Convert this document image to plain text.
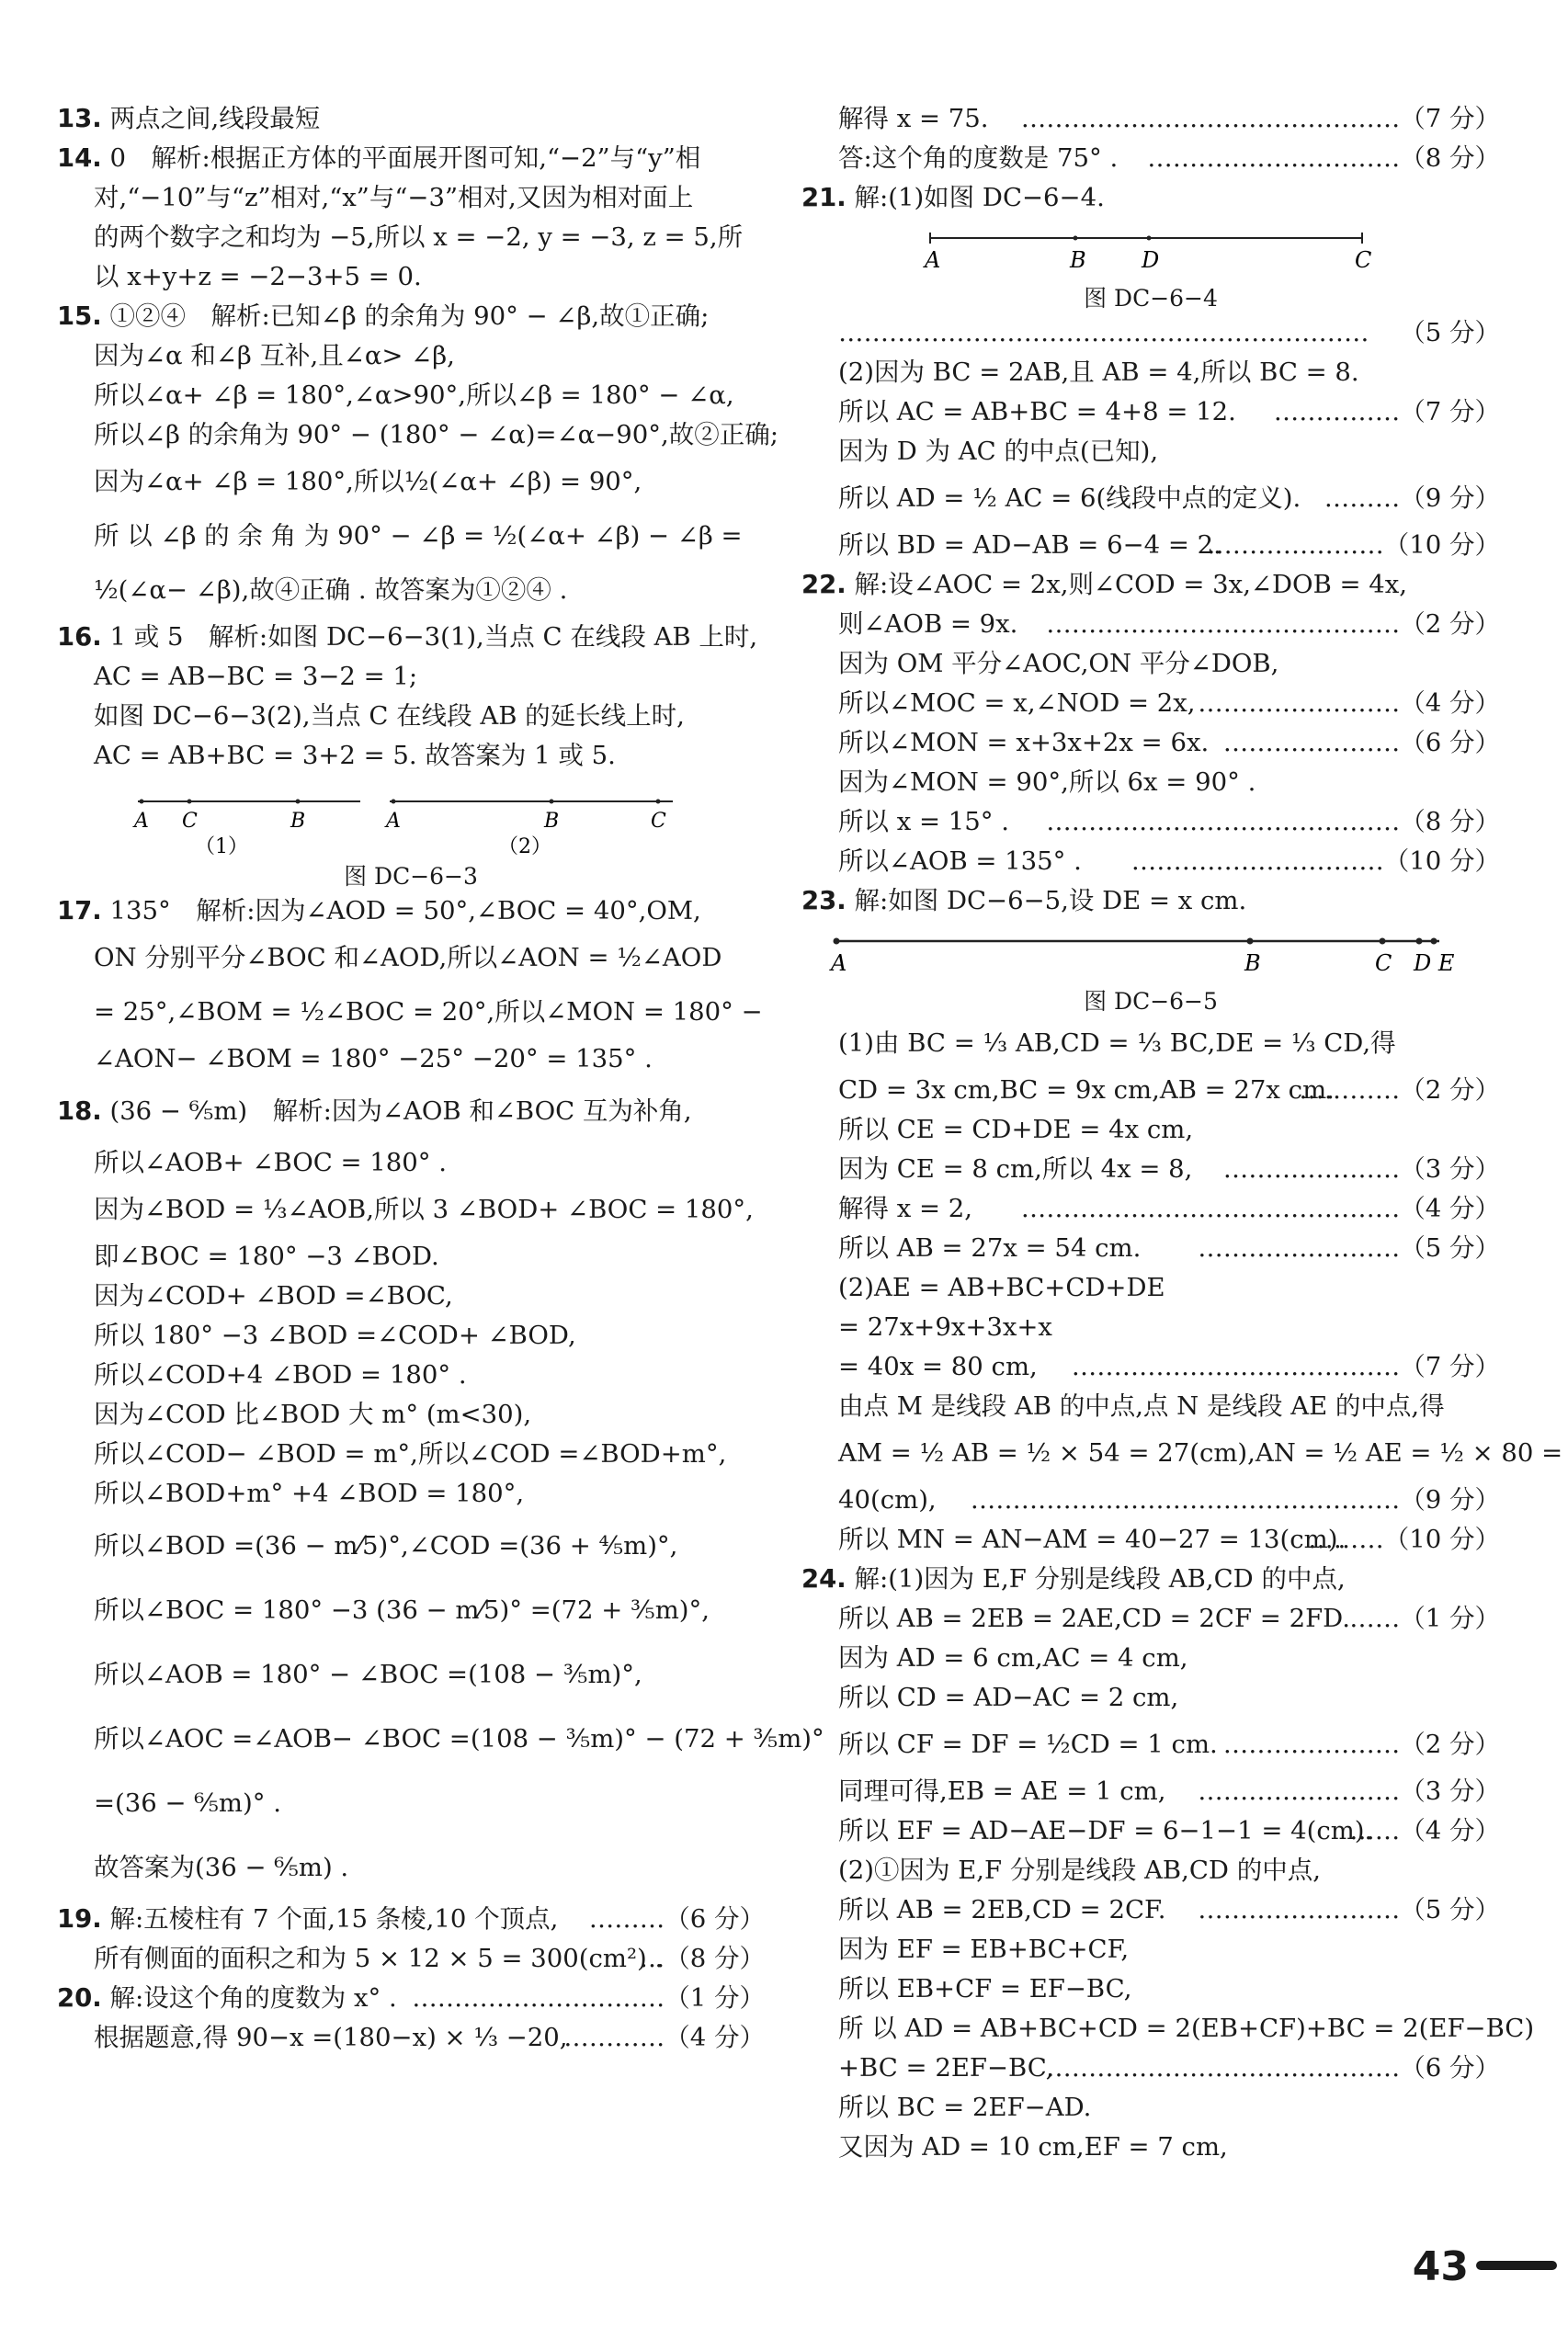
13. 两点之间,线段最短
14. 0　解析:根据正方体的平面展开图可知,“−2”与“y”相
对,“−10”与“z”相对,“x”与“−3”相对,又因为相对面上
的两个数字之和均为 −5,所以 x = −2, y = −3, z = 5,所
以 x+y+z = −2−3+5 = 0.
15. ①②④　解析:已知∠β 的余角为 90° − ∠β,故①正确;
因为∠α 和∠β 互补,且∠α> ∠β,
所以∠α+ ∠β = 180°,∠α>90°,所以∠β = 180° − ∠α,
所以∠β 的余角为 90° − (180° − ∠α)=∠α−90°,故②正确;
因为∠α+ ∠β = 180°,所以½(∠α+ ∠β) = 90°,
所 以 ∠β 的 余 角 为 90° − ∠β = ½(∠α+ ∠β) − ∠β =
½(∠α− ∠β),故④正确 . 故答案为①②④ .
16. 1 或 5　解析:如图 DC−6−3(1),当点 C 在线段 AB 上时,
AC = AB−BC = 3−2 = 1;
如图 DC−6−3(2),当点 C 在线段 AB 的延长线上时,
AC = AB+BC = 3+2 = 5. 故答案为 1 或 5.
A C	B	A	B	C
（1）	（2）
图 DC−6−3
17. 135°　解析:因为∠AOD = 50°,∠BOC = 40°,OM,
ON 分别平分∠BOC 和∠AOD,所以∠AON = ½∠AOD
= 25°,∠BOM = ½∠BOC = 20°,所以∠MON = 180° −
∠AON− ∠BOM = 180° −25° −20° = 135° .
18. (36 − ⁶⁄₅m)　解析:因为∠AOB 和∠BOC 互为补角,
所以∠AOB+ ∠BOC = 180° .
因为∠BOD = ⅓∠AOB,所以 3 ∠BOD+ ∠BOC = 180°,
即∠BOC = 180° −3 ∠BOD.
因为∠COD+ ∠BOD =∠BOC,
所以 180° −3 ∠BOD =∠COD+ ∠BOD,
所以∠COD+4 ∠BOD = 180° .
因为∠COD 比∠BOD 大 m° (m<30),
所以∠COD− ∠BOD = m°,所以∠COD =∠BOD+m°,
所以∠BOD+m° +4 ∠BOD = 180°,
所以∠BOD =(36 − m⁄5)°,∠COD =(36 + ⁴⁄₅m)°,
所以∠BOC = 180° −3 (36 − m⁄5)° =(72 + ³⁄₅m)°,
所以∠AOB = 180° − ∠BOC =(108 − ³⁄₅m)°,
所以∠AOC =∠AOB− ∠BOC =(108 − ³⁄₅m)° − (72 + ³⁄₅m)°
=(36 − ⁶⁄₅m)° .
故答案为(36 − ⁶⁄₅m) .
19. 解:五棱柱有 7 个面,15 条棱,10 个顶点, ………（6 分）
所有侧面的面积之和为 5 × 12 × 5 = 300(cm²) .
…（8 分）
20. 解:设这个角的度数为 x° . …………………………（1 分）
根据题意,得 90−x =(180−x) × ⅓ −20,
…………（4 分）
解得 x = 75. ………………………………………（7 分）
答:这个角的度数是 75° . …………………………（8 分）
21. 解:(1)如图 DC−6−4.
A	B	D	C
图 DC−6−4
……………………………………………………… （5 分）
(2)因为 BC = 2AB,且 AB = 4,所以 BC = 8.
所以 AC = AB+BC = 4+8 = 12. ……………（7 分）
因为 D 为 AC 的中点(已知),
所以 AD = ½ AC = 6(线段中点的定义). ………（9 分）
所以 BD = AD−AB = 6−4 = 2.
…………………（10 分）
22. 解:设∠AOC = 2x,则∠COD = 3x,∠DOB = 4x,
则∠AOB = 9x. ……………………………………（2 分）
因为 OM 平分∠AOC,ON 平分∠DOB,
所以∠MOC = x,∠NOD = 2x, ……………………（4 分）
所以∠MON = x+3x+2x = 6x. …………………（6 分）
因为∠MON = 90°,所以 6x = 90° .
所以 x = 15° . ……………………………………（8 分）
所以∠AOB = 135° . …………………………（10 分）
23. 解:如图 DC−6−5,设 DE = x cm.
A	B	C D E
图 DC−6−5
(1)由 BC = ⅓ AB,CD = ⅓ BC,DE = ⅓ CD,得
CD = 3x cm,BC = 9x cm,AB = 27x cm.
…………（2 分）
所以 CE = CD+DE = 4x cm,
因为 CE = 8 cm,所以 4x = 8, …………………（3 分）
解得 x = 2, ………………………………………（4 分）
所以 AB = 27x = 54 cm. ……………………（5 分）
(2)AE = AB+BC+CD+DE
= 27x+9x+3x+x
= 40x = 80 cm, …………………………………（7 分）
由点 M 是线段 AB 的中点,点 N 是线段 AE 的中点,得
AM = ½ AB = ½ × 54 = 27(cm),AN = ½ AE = ½ × 80 =
40(cm), ……………………………………………（9 分）
所以 MN = AN−AM = 40−27 = 13(cm).
………（10 分）
24. 解:(1)因为 E,F 分别是线段 AB,CD 的中点,
所以 AB = 2EB = 2AE,CD = 2CF = 2FD. ……（1 分）
因为 AD = 6 cm,AC = 4 cm,
所以 CD = AD−AC = 2 cm,
所以 CF = DF = ½CD = 1 cm. …………………（2 分）
同理可得,EB = AE = 1 cm, ……………………（3 分）
所以 EF = AD−AE−DF = 6−1−1 = 4(cm).
……（4 分）
(2)①因为 E,F 分别是线段 AB,CD 的中点,
所以 AB = 2EB,CD = 2CF. ……………………（5 分）
因为 EF = EB+BC+CF,
所以 EB+CF = EF−BC,
所 以 AD = AB+BC+CD = 2(EB+CF)+BC = 2(EF−BC)
+BC = 2EF−BC,
……………………………………（6 分）
所以 BC = 2EF−AD.
又因为 AD = 10 cm,EF = 7 cm,
43
